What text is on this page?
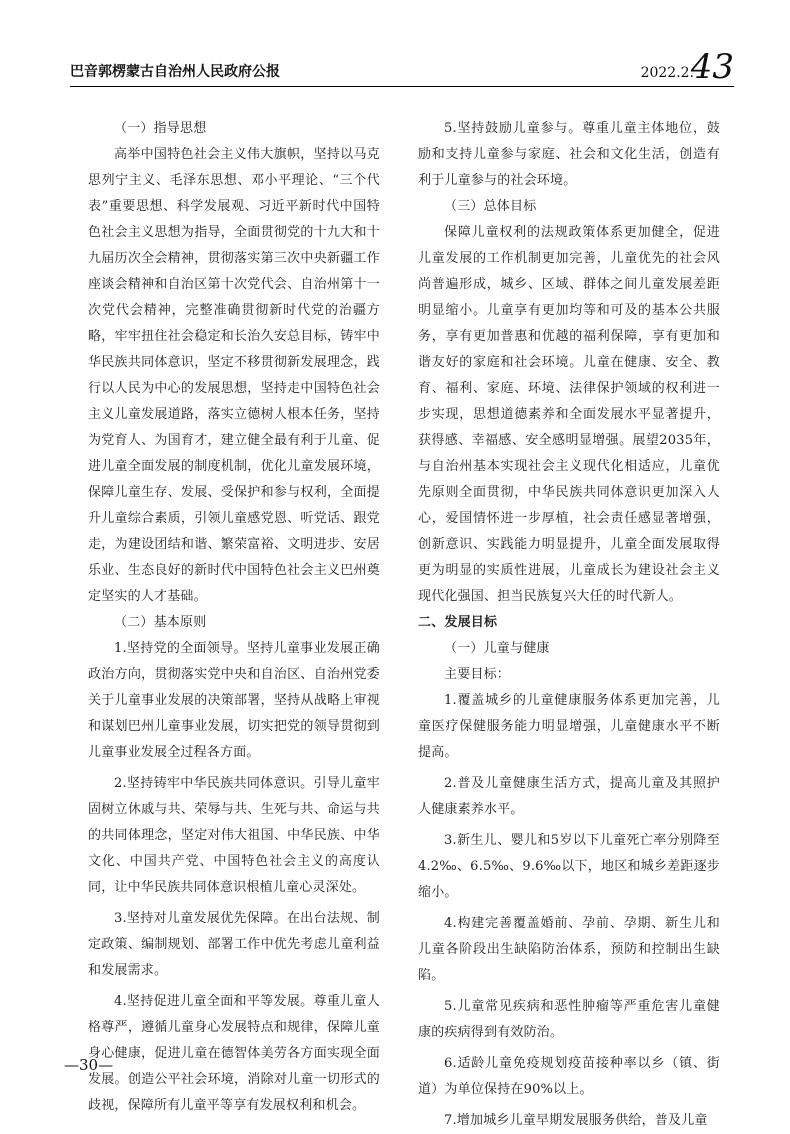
巴音郭楞蒙古自治州人民政府公报	2022.2.
43

（一）指导思想

高举中国特色社会主义伟大旗帜，坚持以马克思列宁主义、毛泽东思想、邓小平理论、“三个代表”重要思想、科学发展观、习近平新时代中国特色社会主义思想为指导，全面贯彻党的十九大和十九届历次全会精神，贯彻落实第三次中央新疆工作座谈会精神和自治区第十次党代会、自治州第十一次党代会精神，完整准确贯彻新时代党的治疆方略，牢牢扭住社会稳定和长治久安总目标，铸牢中华民族共同体意识，坚定不移贯彻新发展理念，践行以人民为中心的发展思想，坚持走中国特色社会主义儿童发展道路，落实立德树人根本任务，坚持为党育人、为国育才，建立健全最有利于儿童、促进儿童全面发展的制度机制，优化儿童发展环境，保障儿童生存、发展、受保护和参与权利，全面提升儿童综合素质，引领儿童感党恩、听党话、跟党走，为建设团结和谐、繁荣富裕、文明进步、安居乐业、生态良好的新时代中国特色社会主义巴州奠定坚实的人才基础。

（二）基本原则

1.坚持党的全面领导。坚持儿童事业发展正确政治方向，贯彻落实党中央和自治区、自治州党委关于儿童事业发展的决策部署，坚持从战略上审视和谋划巴州儿童事业发展，切实把党的领导贯彻到儿童事业发展全过程各方面。

2.坚持铸牢中华民族共同体意识。引导儿童牢固树立休戚与共、荣辱与共、生死与共、命运与共的共同体理念，坚定对伟大祖国、中华民族、中华文化、中国共产党、中国特色社会主义的高度认同，让中华民族共同体意识根植儿童心灵深处。

3.坚持对儿童发展优先保障。在出台法规、制定政策、编制规划、部署工作中优先考虑儿童利益和发展需求。

4.坚持促进儿童全面和平等发展。尊重儿童人格尊严，遵循儿童身心发展特点和规律，保障儿童身心健康，促进儿童在德智体美劳各方面实现全面发展。创造公平社会环境，消除对儿童一切形式的歧视，保障所有儿童平等享有发展权利和机会。

5.坚持鼓励儿童参与。尊重儿童主体地位，鼓励和支持儿童参与家庭、社会和文化生活，创造有利于儿童参与的社会环境。

（三）总体目标

保障儿童权利的法规政策体系更加健全，促进儿童发展的工作机制更加完善，儿童优先的社会风尚普遍形成，城乡、区域、群体之间儿童发展差距明显缩小。儿童享有更加均等和可及的基本公共服务，享有更加普惠和优越的福利保障，享有更加和谐友好的家庭和社会环境。儿童在健康、安全、教育、福利、家庭、环境、法律保护领域的权利进一步实现，思想道德素养和全面发展水平显著提升，获得感、幸福感、安全感明显增强。展望2035年，与自治州基本实现社会主义现代化相适应，儿童优先原则全面贯彻，中华民族共同体意识更加深入人心，爱国情怀进一步厚植，社会责任感显著增强，创新意识、实践能力明显提升，儿童全面发展取得更为明显的实质性进展，儿童成长为建设社会主义现代化强国、担当民族复兴大任的时代新人。

二、发展目标

（一）儿童与健康

主要目标：

1.覆盖城乡的儿童健康服务体系更加完善，儿童医疗保健服务能力明显增强，儿童健康水平不断提高。

2.普及儿童健康生活方式，提高儿童及其照护人健康素养水平。

3.新生儿、婴儿和5岁以下儿童死亡率分别降至4.2‰、6.5‰、9.6‰以下，地区和城乡差距逐步缩小。

4.构建完善覆盖婚前、孕前、孕期、新生儿和儿童各阶段出生缺陷防治体系，预防和控制出生缺陷。

5.儿童常见疾病和恶性肿瘤等严重危害儿童健康的疾病得到有效防治。

6.适龄儿童免疫规划疫苗接种率以乡（镇、街道）为单位保持在90%以上。

7.增加城乡儿童早期发展服务供给，普及儿童

—30—
